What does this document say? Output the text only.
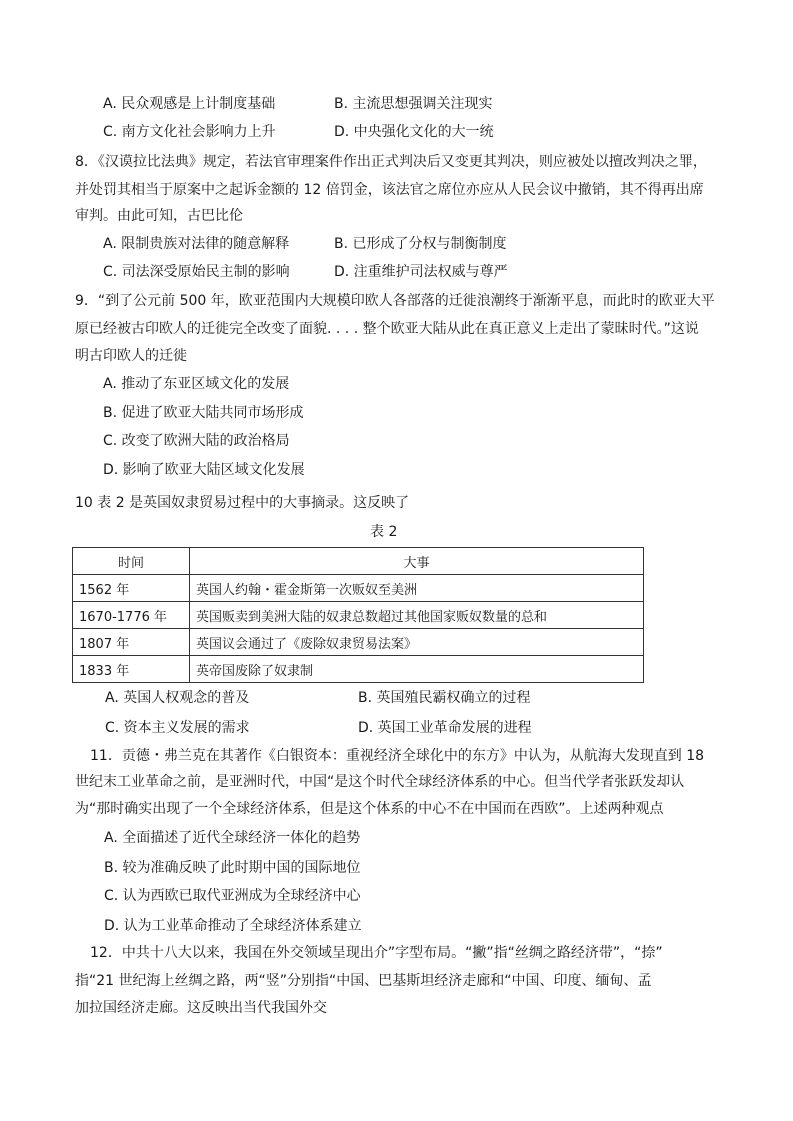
A. 民众观感是上计制度基础	B. 主流思想强调关注现实
C. 南方文化社会影响力上升	D. 中央强化文化的大一统
8．《汉谟拉比法典》规定，若法官审理案件作出正式判决后又变更其判决，则应被处以擅改判决之罪，
并处罚其相当于原案中之起诉金额的 12 倍罚金，该法官之席位亦应从人民会议中撤销，其不得再出席
审判。由此可知，古巴比伦
A. 限制贵族对法律的随意解释	B. 已形成了分权与制衡制度
C. 司法深受原始民主制的影响	D. 注重维护司法权威与尊严
9．“到了公元前 500 年，欧亚范围内大规模印欧人各部落的迁徙浪潮终于渐渐平息，而此时的欧亚大平
原已经被古印欧人的迁徙完全改变了面貌. . . . 整个欧亚大陆从此在真正意义上走出了蒙昧时代。”这说
明古印欧人的迁徙
A. 推动了东亚区域文化的发展
B. 促进了欧亚大陆共同市场形成
C. 改变了欧洲大陆的政治格局
D. 影响了欧亚大陆区域文化发展
10 表 2 是英国奴隶贸易过程中的大事摘录。这反映了
表 2
时间	大事
1562 年	英国人约翰・霍金斯第一次贩奴至美洲
1670-1776 年	英国贩卖到美洲大陆的奴隶总数超过其他国家贩奴数量的总和
1807 年	英国议会通过了《废除奴隶贸易法案》
1833 年	英帝国废除了奴隶制
A. 英国人权观念的普及	B. 英国殖民霸权确立的过程
C. 资本主义发展的需求	D. 英国工业革命发展的进程
11．贡德・弗兰克在其著作《白银资本：重视经济全球化中的东方》中认为，从航海大发现直到 18
世纪末工业革命之前，是亚洲时代，中国“是这个时代全球经济体系的中心。但当代学者张跃发却认
为“那时确实出现了一个全球经济体系，但是这个体系的中心不在中国而在西欧”。上述两种观点
A. 全面描述了近代全球经济一体化的趋势
B. 较为准确反映了此时期中国的国际地位
C. 认为西欧已取代亚洲成为全球经济中心
D. 认为工业革命推动了全球经济体系建立
12．中共十八大以来，我国在外交领域呈现出介”字型布局。“撇”指“丝绸之路经济带”，“捺”
指“21 世纪海上丝绸之路，两“竖”分别指“中国、巴基斯坦经济走廊和“中国、印度、缅甸、孟
加拉国经济走廊。这反映出当代我国外交
